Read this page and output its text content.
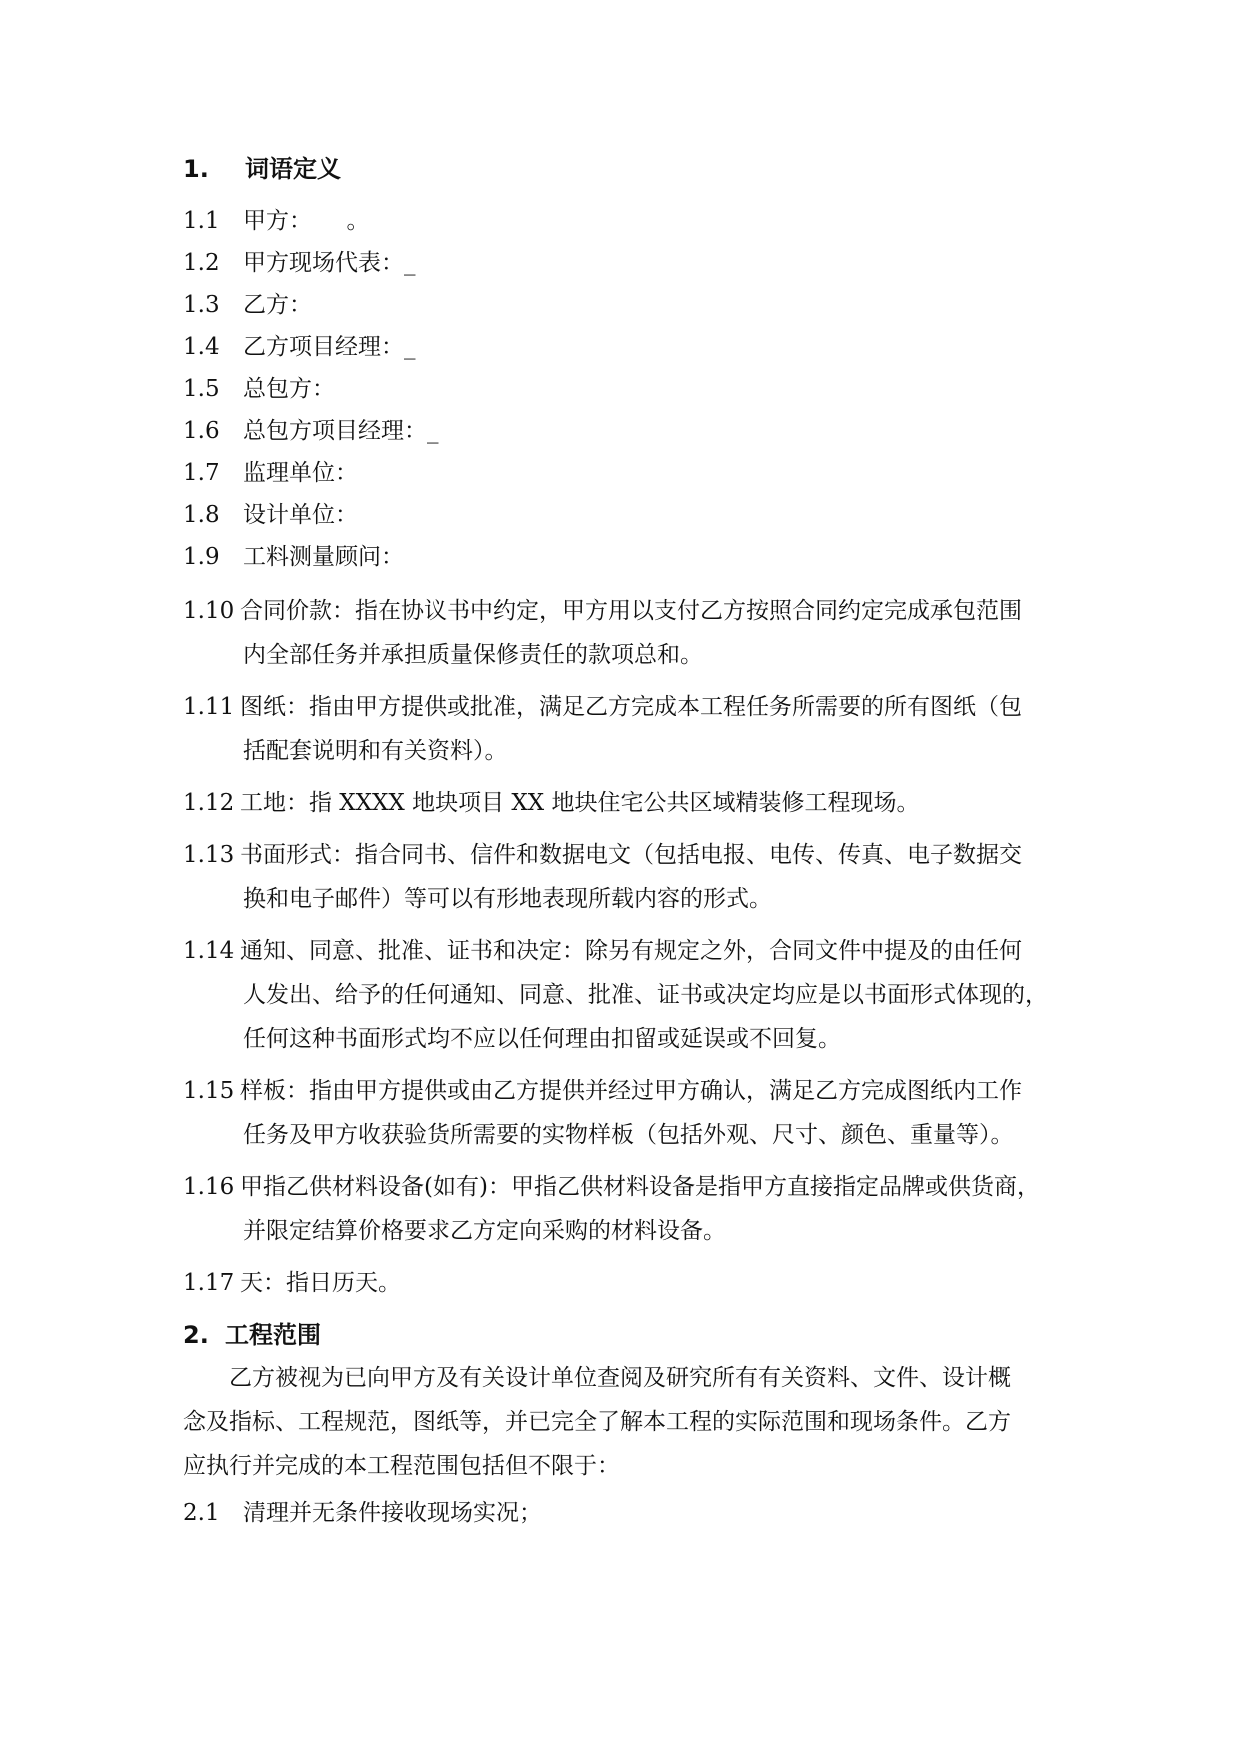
1. 词语定义
1.1 甲方：　　。
1.2 甲方现场代表：_
1.3 乙方：
1.4 乙方项目经理：_
1.5 总包方：
1.6 总包方项目经理：_
1.7 监理单位：
1.8 设计单位：
1.9 工料测量顾问：
1.10 合同价款：指在协议书中约定，甲方用以支付乙方按照合同约定完成承包范围
内全部任务并承担质量保修责任的款项总和。
1.11 图纸：指由甲方提供或批准，满足乙方完成本工程任务所需要的所有图纸（包
括配套说明和有关资料）。
1.12 工地：指 XXXX 地块项目 XX 地块住宅公共区域精装修工程现场。
1.13 书面形式：指合同书、信件和数据电文（包括电报、电传、传真、电子数据交
换和电子邮件）等可以有形地表现所载内容的形式。
1.14 通知、同意、批准、证书和决定：除另有规定之外，合同文件中提及的由任何
人发出、给予的任何通知、同意、批准、证书或决定均应是以书面形式体现的，
任何这种书面形式均不应以任何理由扣留或延误或不回复。
1.15 样板：指由甲方提供或由乙方提供并经过甲方确认，满足乙方完成图纸内工作
任务及甲方收获验货所需要的实物样板（包括外观、尺寸、颜色、重量等）。
1.16 甲指乙供材料设备(如有)：甲指乙供材料设备是指甲方直接指定品牌或供货商，
并限定结算价格要求乙方定向采购的材料设备。
1.17 天：指日历天。
2. 工程范围
乙方被视为已向甲方及有关设计单位查阅及研究所有有关资料、文件、设计概
念及指标、工程规范，图纸等，并已完全了解本工程的实际范围和现场条件。乙方
应执行并完成的本工程范围包括但不限于：
2.1 清理并无条件接收现场实况；
